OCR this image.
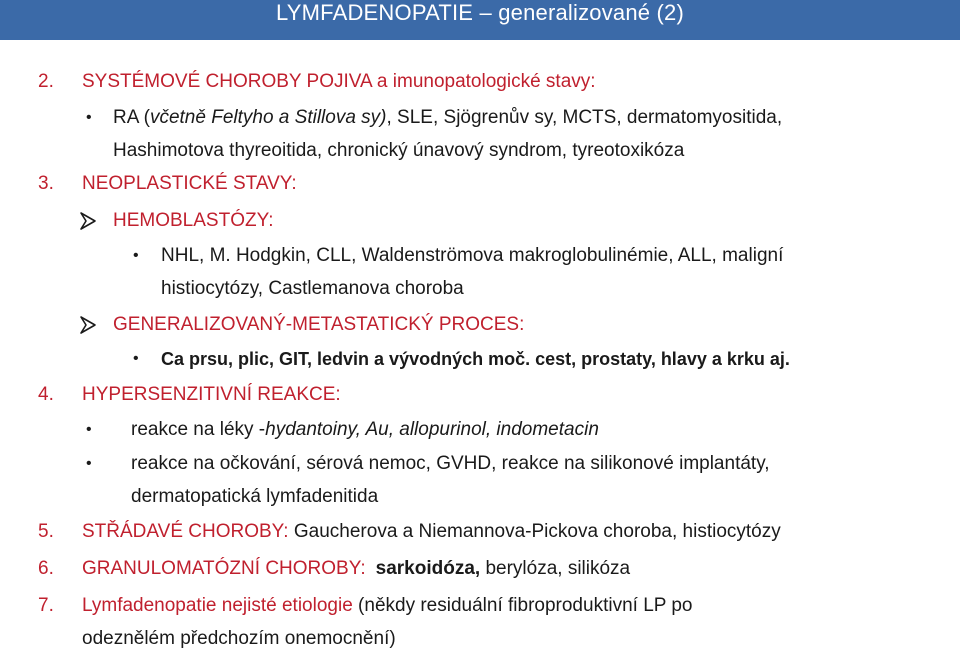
LYMFADENOPATIE – generalizované (2)
2. SYSTÉMOVÉ CHOROBY POJIVA a imunopatologické stavy:
• RA (včetně Feltyho a Stillova sy), SLE, Sjögrenův sy, MCTS, dermatomyositida,
Hashimotova thyreoitida, chronický únavový syndrom, tyreotoxikóza
3. NEOPLASTICKÉ STAVY:
HEMOBLASTÓZY:
• NHL, M. Hodgkin, CLL, Waldenströmova makroglobulinémie, ALL, maligní
histiocytózy, Castlemanova choroba
GENERALIZOVANÝ-METASTATICKÝ PROCES:
• Ca prsu, plic, GIT, ledvin a vývodných moč. cest, prostaty, hlavy a krku aj.
4. HYPERSENZITIVNÍ REAKCE:
• reakce na léky -hydantoiny, Au, allopurinol, indometacin
• reakce na očkování, sérová nemoc, GVHD, reakce na silikonové implantáty,
dermatopatická lymfadenitida
5. STŘÁDAVÉ CHOROBY: Gaucherova a Niemannova-Pickova choroba, histiocytózy
6. GRANULOMATÓZNÍ CHOROBY: sarkoidóza, berylóza, silikóza
7. Lymfadenopatie nejisté etiologie (někdy residuální fibroproduktivní LP po
odeznělém předchozím onemocnění)
